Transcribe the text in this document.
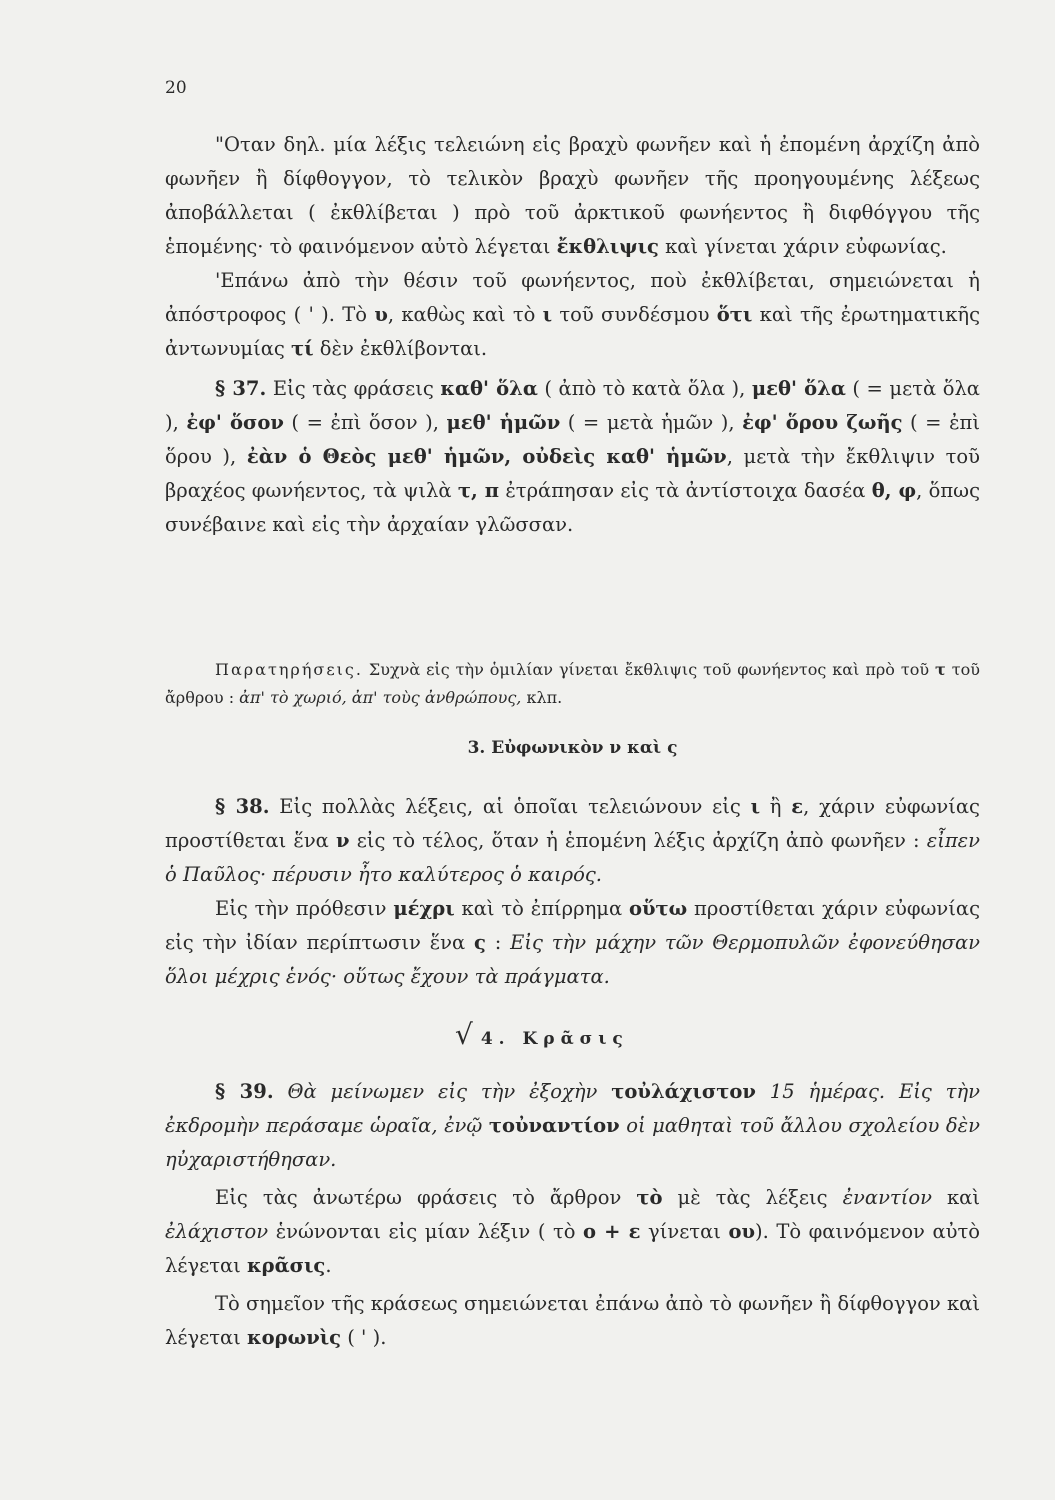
20

"Οταν δηλ. μία λέξις τελειώνη εἰς βραχὺ φωνῆεν καὶ ἡ ἐπομένη ἀρχίζη ἀπὸ φωνῆεν ἢ δίφθογγον, τὸ τελικὸν βραχὺ φωνῆεν τῆς προηγουμένης λέξεως ἀποβάλλεται ( ἐκθλίβεται ) πρὸ τοῦ ἀρκτικοῦ φωνήεντος ἢ διφθόγγου τῆς ἑπομένης· τὸ φαινόμενον αὐτὸ λέγεται ἔκθλιψις καὶ γίνεται χάριν εὐφωνίας.

'Επάνω ἀπὸ τὴν θέσιν τοῦ φωνήεντος, ποὺ ἐκθλίβεται, σημειώνεται ἡ ἀπόστροφος ( ' ). Τὸ υ, καθὼς καὶ τὸ ι τοῦ συνδέσμου ὅτι καὶ τῆς ἐρωτηματικῆς ἀντωνυμίας τί δὲν ἐκθλίβονται.

§ 37. Εἰς τὰς φράσεις καθ' ὅλα ( ἀπὸ τὸ κατὰ ὅλα ), μεθ' ὅλα ( = μετὰ ὅλα ), ἐφ' ὅσον ( = ἐπὶ ὅσον ), μεθ' ἡμῶν ( = μετὰ ἡμῶν ), ἐφ' ὅρου ζωῆς ( = ἐπὶ ὅρου ), ἐὰν ὁ Θεὸς μεθ' ἡμῶν, οὐδεὶς καθ' ἡμῶν, μετὰ τὴν ἔκθλιψιν τοῦ βραχέος φωνήεντος, τὰ ψιλὰ τ, π ἐτράπησαν εἰς τὰ ἀντίστοιχα δασέα θ, φ, ὅπως συνέβαινε καὶ εἰς τὴν ἀρχαίαν γλῶσσαν.

Παρατηρήσεις. Συχνὰ εἰς τὴν ὁμιλίαν γίνεται ἔκθλιψις τοῦ φωνήεντος καὶ πρὸ τοῦ τ τοῦ ἄρθρου : ἀπ' τὸ χωριό, ἀπ' τοὺς ἀνθρώπους, κλπ.

3. Εὐφωνικὸν ν καὶ ς

§ 38. Εἰς πολλὰς λέξεις, αἱ ὁποῖαι τελειώνουν εἰς ι ἢ ε, χάριν εὐφωνίας προστίθεται ἕνα ν εἰς τὸ τέλος, ὅταν ἡ ἑπομένη λέξις ἀρχίζη ἀπὸ φωνῆεν : εἶπεν ὁ Παῦλος· πέρυσιν ἦτο καλύτερος ὁ καιρός.

Εἰς τὴν πρόθεσιν μέχρι καὶ τὸ ἐπίρρημα οὕτω προστίθεται χάριν εὐφωνίας εἰς τὴν ἰδίαν περίπτωσιν ἕνα ς : Εἰς τὴν μάχην τῶν Θερμοπυλῶν ἐφονεύθησαν ὅλοι μέχρις ἑνός· οὕτως ἔχουν τὰ πράγματα.

√ 4. Κρᾶσις

§ 39. Θὰ μείνωμεν εἰς τὴν ἐξοχὴν τοὐλάχιστον 15 ἡμέρας. Εἰς τὴν ἐκδρομὴν περάσαμε ὡραῖα, ἐνῷ τοὐναντίον οἱ μαθηταὶ τοῦ ἄλλου σχολείου δὲν ηὐχαριστήθησαν.

Εἰς τὰς ἀνωτέρω φράσεις τὸ ἄρθρον τὸ μὲ τὰς λέξεις ἐναντίον καὶ ἐλάχιστον ἑνώνονται εἰς μίαν λέξιν ( τὸ ο + ε γίνεται ου). Τὸ φαινόμενον αὐτὸ λέγεται κρᾶσις.

Τὸ σημεῖον τῆς κράσεως σημειώνεται ἐπάνω ἀπὸ τὸ φωνῆεν ἢ δίφθογγον καὶ λέγεται κορωνὶς ( ' ).
